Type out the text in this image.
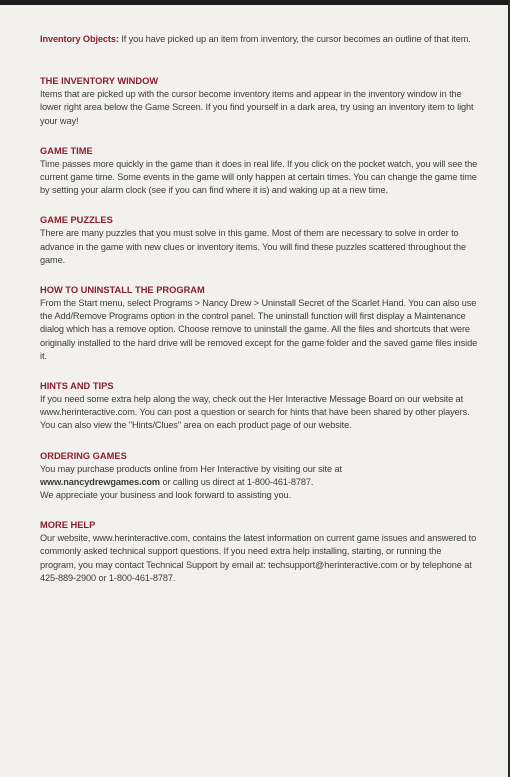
Inventory Objects: If you have picked up an item from inventory, the cursor becomes an outline of that item.

THE INVENTORY WINDOW

Items that are picked up with the cursor become inventory items and appear in the inventory window in the lower right area below the Game Screen. If you find yourself in a dark area, try using an inventory item to light your way!

GAME TIME

Time passes more quickly in the game than it does in real life. If you click on the pocket watch, you will see the current game time. Some events in the game will only happen at certain times. You can change the game time by setting your alarm clock (see if you can find where it is) and waking up at a new time.

GAME PUZZLES

There are many puzzles that you must solve in this game. Most of them are necessary to solve in order to advance in the game with new clues or inventory items. You will find these puzzles scattered throughout the game.

HOW TO UNINSTALL THE PROGRAM

From the Start menu, select Programs > Nancy Drew > Uninstall Secret of the Scarlet Hand. You can also use the Add/Remove Programs option in the control panel. The uninstall function will first display a Maintenance dialog which has a remove option. Choose remove to uninstall the game. All the files and shortcuts that were originally installed to the hard drive will be removed except for the game folder and the saved game files inside it.

HINTS AND TIPS

If you need some extra help along the way, check out the Her Interactive Message Board on our website at www.herinteractive.com. You can post a question or search for hints that have been shared by other players. You can also view the "Hints/Clues" area on each product page of our website.

ORDERING GAMES

You may purchase products online from Her Interactive by visiting our site at

www.nancydrewgames.com or calling us direct at 1-800-461-8787.

We appreciate your business and look forward to assisting you.

MORE HELP

Our website, www.herinteractive.com, contains the latest information on current game issues and answered to commonly asked technical support questions. If you need extra help installing, starting, or running the program, you may contact Technical Support by email at: techsupport@herinteractive.com or by telephone at 425-889-2900 or 1-800-461-8787.
